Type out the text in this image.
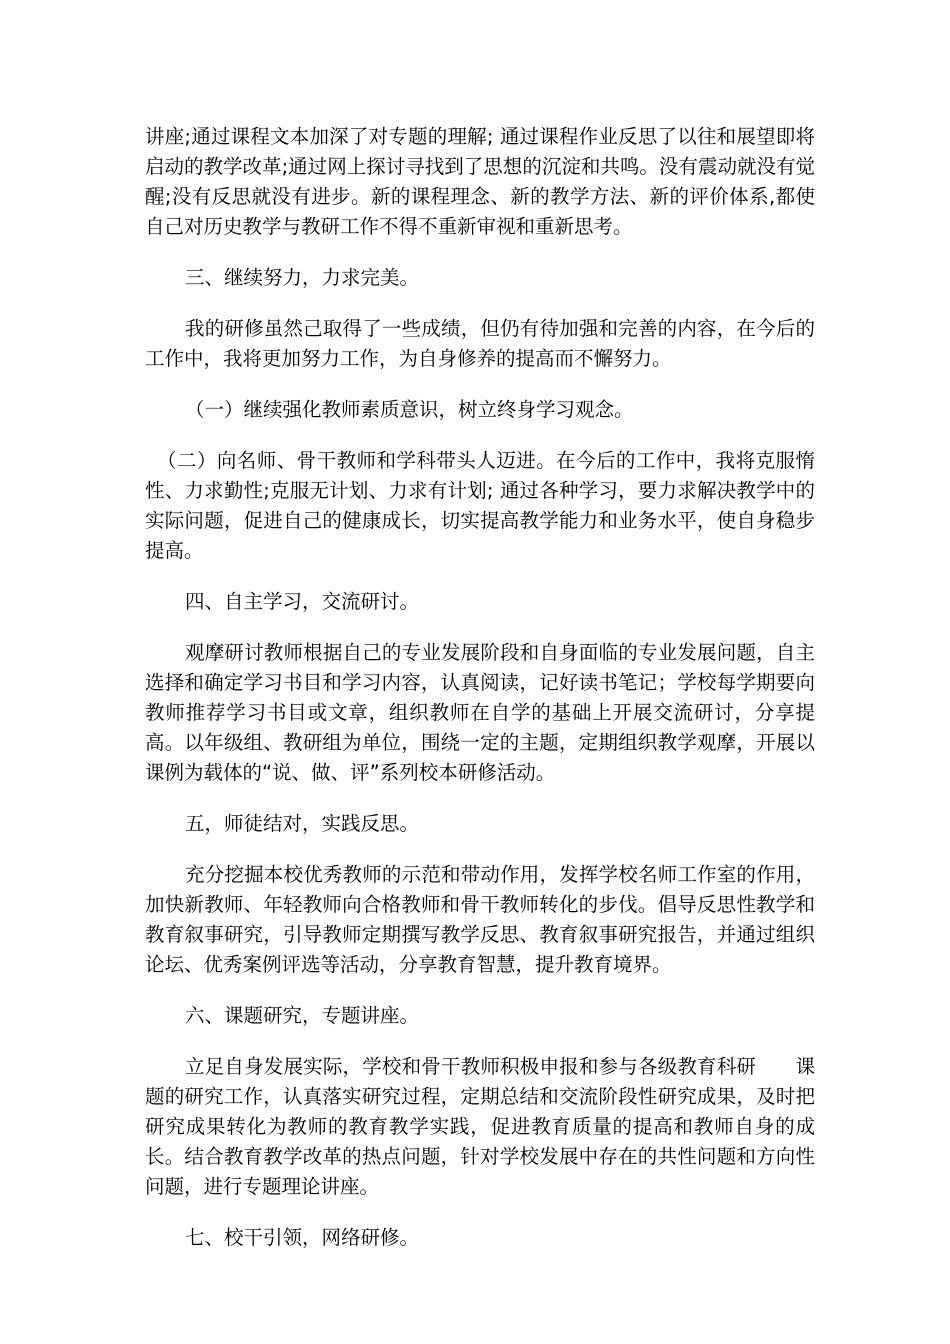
讲座;通过课程文本加深了对专题的理解; 通过课程作业反思了以往和展望即将启动的教学改革;通过网上探讨寻找到了思想的沉淀和共鸣。没有震动就没有觉醒;没有反思就没有进步。新的课程理念、新的教学方法、新的评价体系,都使自己对历史教学与教研工作不得不重新审视和重新思考。

三、继续努力，力求完美。

我的研修虽然己取得了一些成绩，但仍有待加强和完善的内容，在今后的工作中，我将更加努力工作，为自身修养的提高而不懈努力。

（一）继续强化教师素质意识，树立终身学习观念。

（二）向名师、骨干教师和学科带头人迈进。在今后的工作中，我将克服惰性、力求勤性;克服无计划、力求有计划; 通过各种学习，要力求解决教学中的实际问题，促进自己的健康成长，切实提高教学能力和业务水平，使自身稳步提高。

四、自主学习，交流研讨。

观摩研讨教师根据自己的专业发展阶段和自身面临的专业发展问题，自主选择和确定学习书目和学习内容，认真阅读，记好读书笔记；学校每学期要向教师推荐学习书目或文章，组织教师在自学的基础上开展交流研讨，分享提高。以年级组、教研组为单位，围绕一定的主题，定期组织教学观摩，开展以课例为载体的“说、做、评”系列校本研修活动。

五，师徒结对，实践反思。

充分挖掘本校优秀教师的示范和带动作用，发挥学校名师工作室的作用，加快新教师、年轻教师向合格教师和骨干教师转化的步伐。倡导反思性教学和教育叙事研究，引导教师定期撰写教学反思、教育叙事研究报告，并通过组织论坛、优秀案例评选等活动，分享教育智慧，提升教育境界。

六、课题研究，专题讲座。

立足自身发展实际，学校和骨干教师积极申报和参与各级教育科研　　课题的研究工作，认真落实研究过程，定期总结和交流阶段性研究成果，及时把研究成果转化为教师的教育教学实践，促进教育质量的提高和教师自身的成长。结合教育教学改革的热点问题，针对学校发展中存在的共性问题和方向性问题，进行专题理论讲座。

七、校干引领，网络研修。
